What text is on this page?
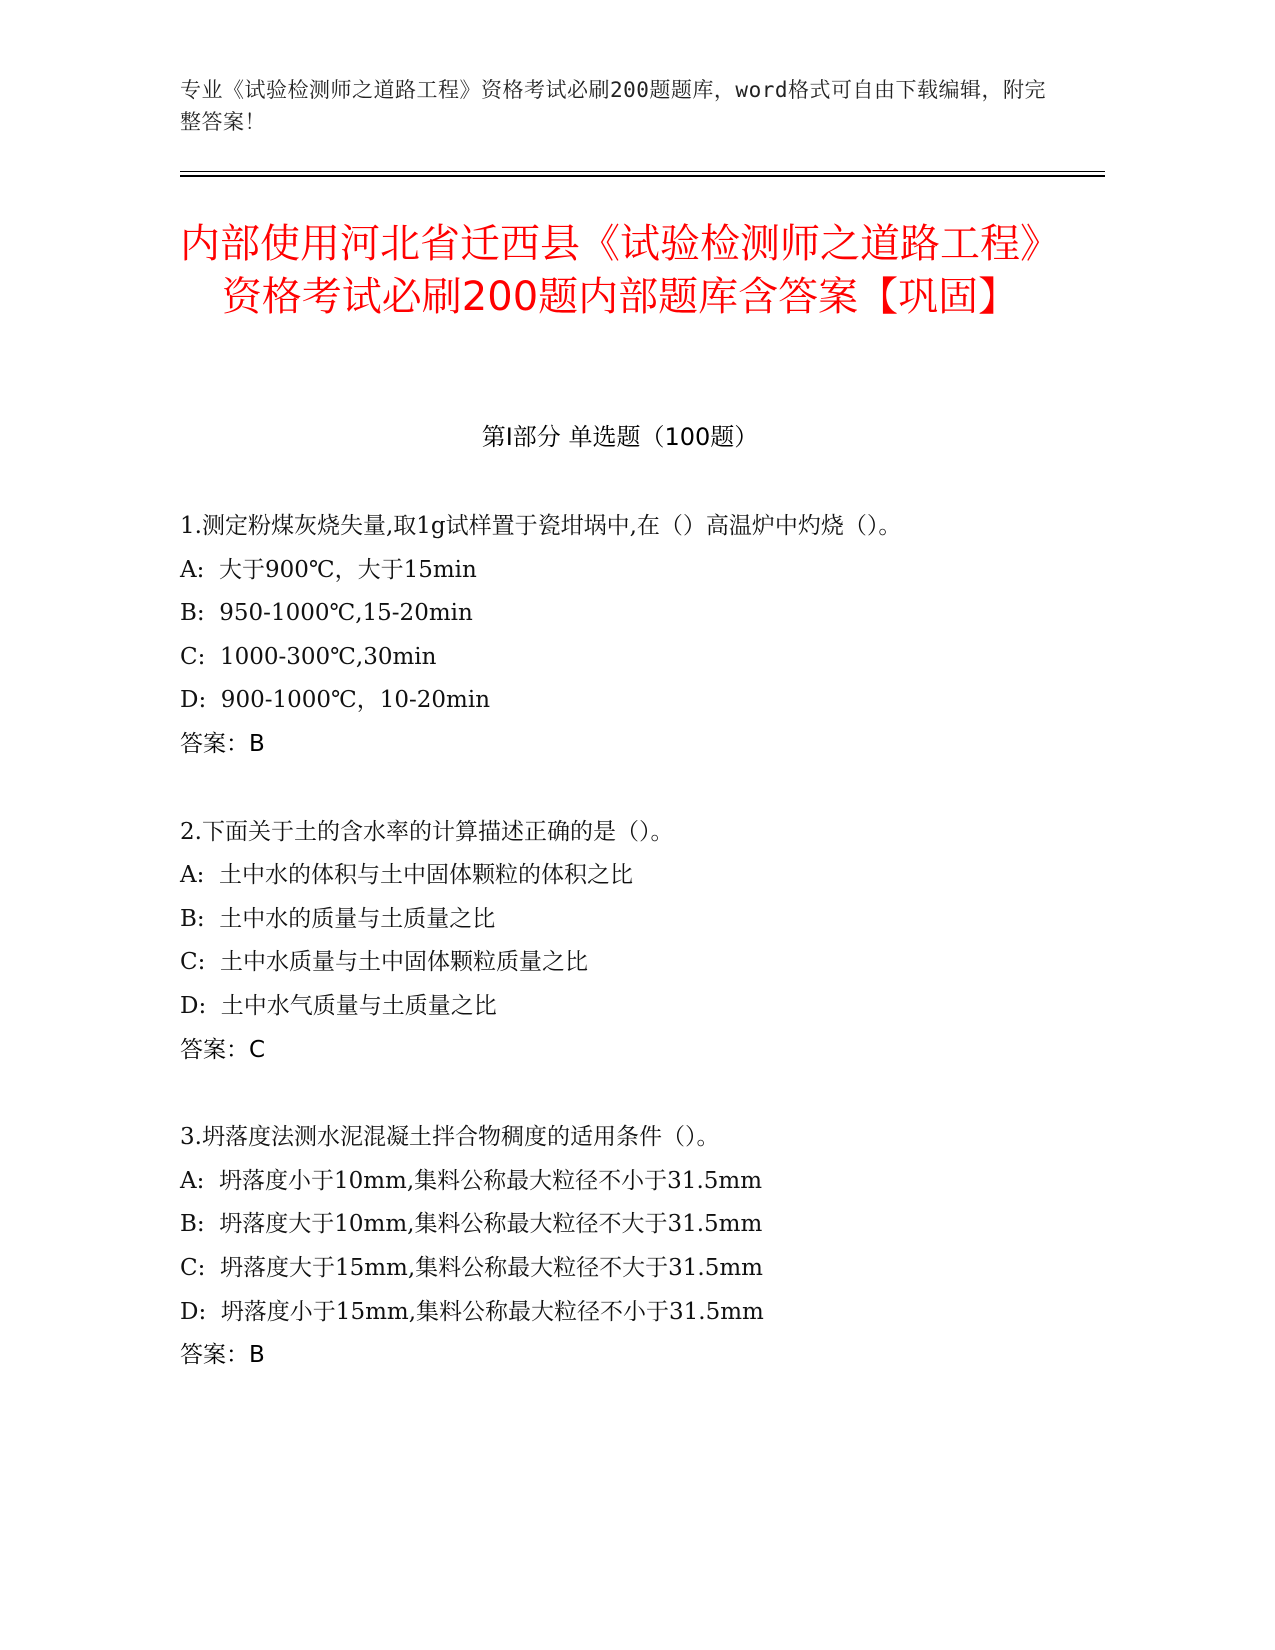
专业《试验检测师之道路工程》资格考试必刷200题题库，word格式可自由下载编辑，附完整答案！
内部使用河北省迁西县《试验检测师之道路工程》资格考试必刷200题内部题库含答案【巩固】
第Ⅰ部分 单选题（100题）
1.测定粉煤灰烧失量,取1g试样置于瓷坩埚中,在（）高温炉中灼烧（）。
A:  大于900℃，大于15min
B:  950-1000℃,15-20min
C:  1000-300℃,30min
D:  900-1000℃，10-20min
答案：B
2.下面关于土的含水率的计算描述正确的是（）。
A:  土中水的体积与土中固体颗粒的体积之比
B:  土中水的质量与土质量之比
C:  土中水质量与土中固体颗粒质量之比
D:  土中水气质量与土质量之比
答案：C
3.坍落度法测水泥混凝土拌合物稠度的适用条件（）。
A:  坍落度小于10mm,集料公称最大粒径不小于31.5mm
B:  坍落度大于10mm,集料公称最大粒径不大于31.5mm
C:  坍落度大于15mm,集料公称最大粒径不大于31.5mm
D:  坍落度小于15mm,集料公称最大粒径不小于31.5mm
答案：B
